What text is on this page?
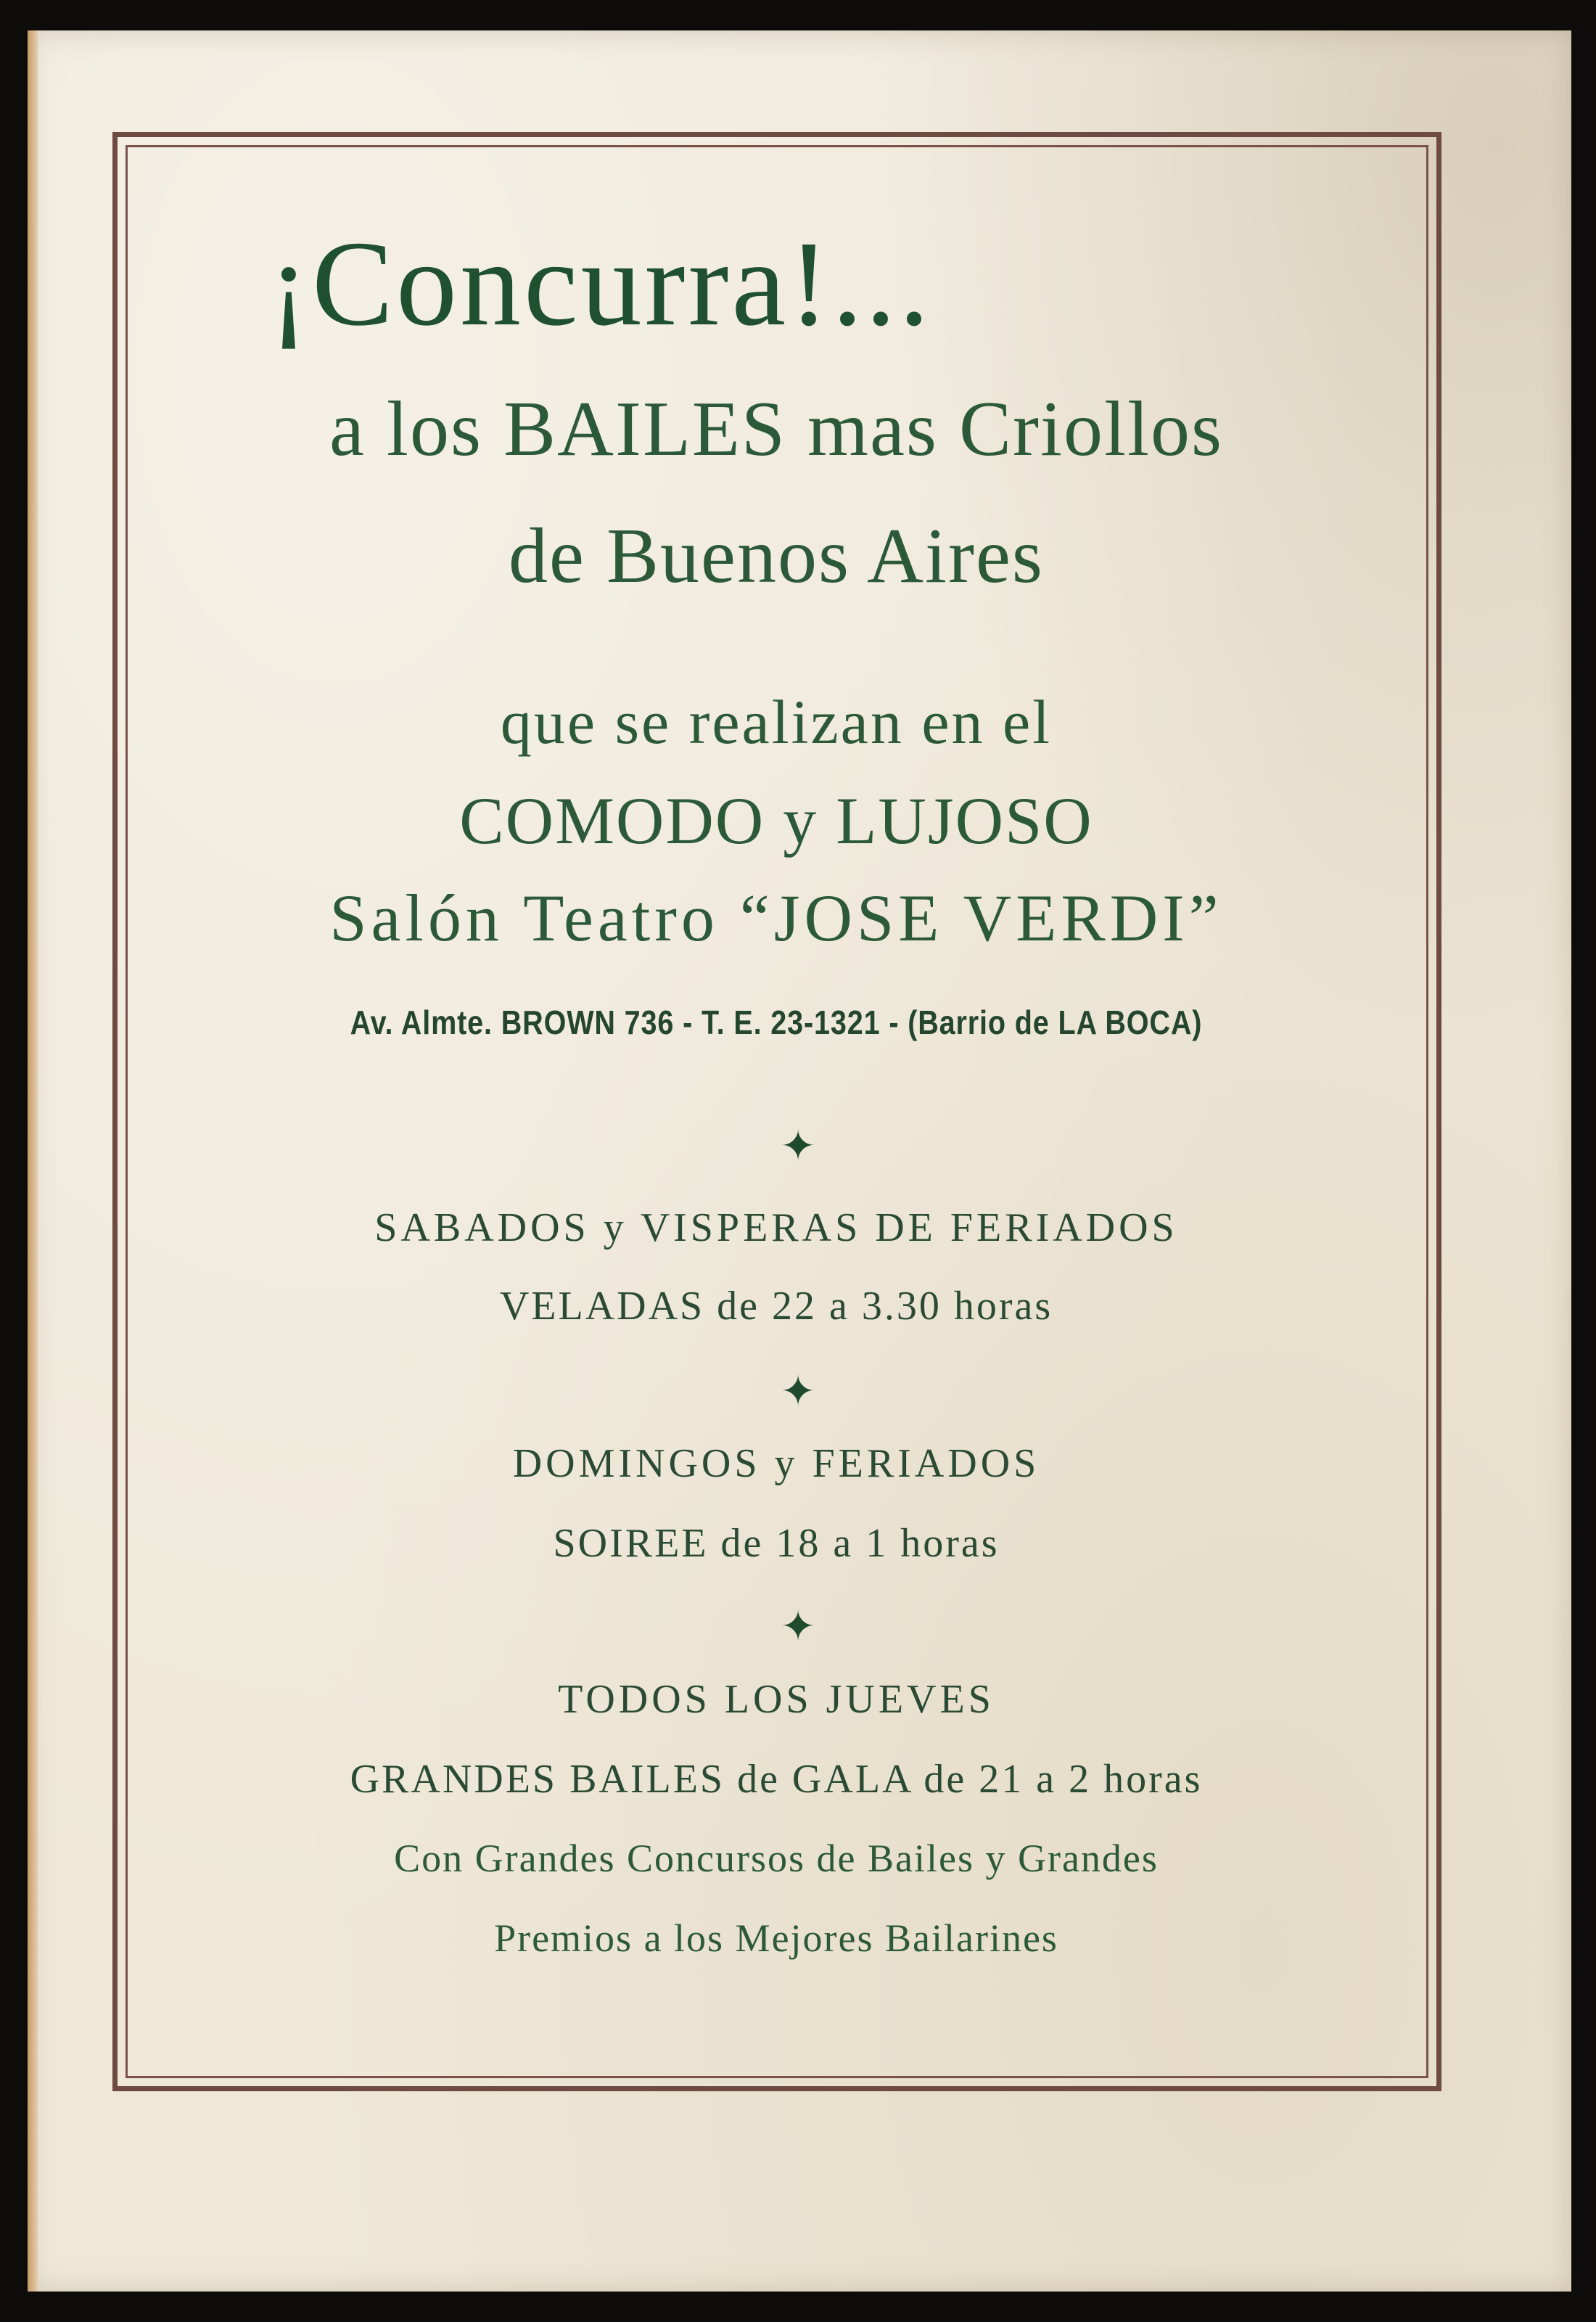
¡Concurra!...
a los BAILES mas Criollos
de Buenos Aires
que se realizan en el
COMODO y LUJOSO
Salón Teatro “JOSE VERDI”
Av. Almte. BROWN 736 - T. E. 23-1321 - (Barrio de LA BOCA)
✦
SABADOS y VISPERAS DE FERIADOS
VELADAS de 22 a 3.30 horas
✦
DOMINGOS y FERIADOS
SOIREE de 18 a 1 horas
✦
TODOS LOS JUEVES
GRANDES BAILES de GALA de 21 a 2 horas
Con Grandes Concursos de Bailes y Grandes
Premios a los Mejores Bailarines
